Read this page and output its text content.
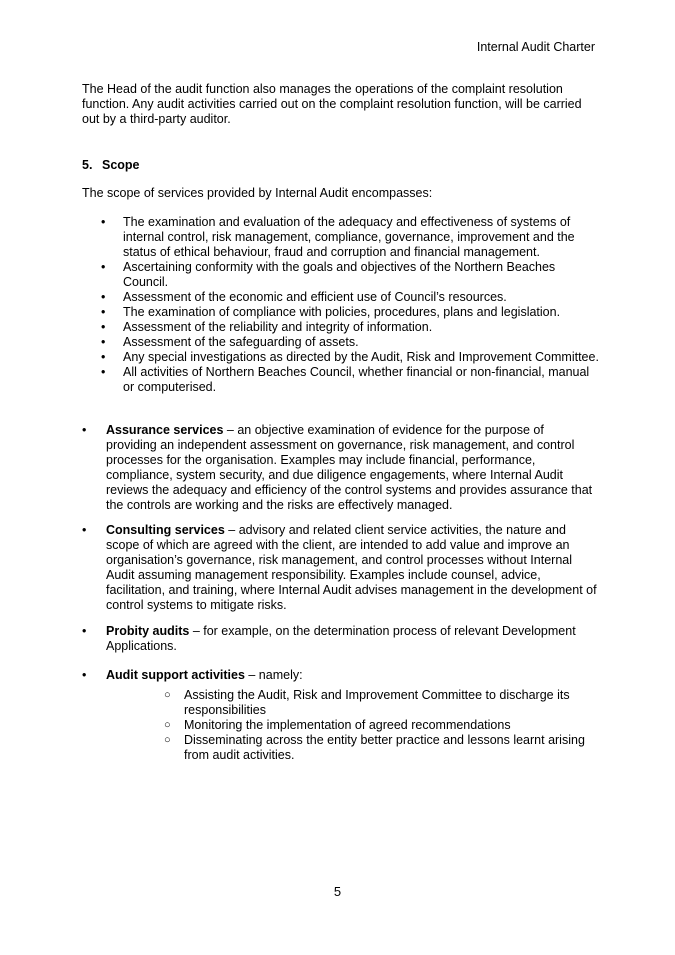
Internal Audit Charter

The Head of the audit function also manages the operations of the complaint resolution function. Any audit activities carried out on the complaint resolution function, will be carried out by a third-party auditor.

5. Scope
The scope of services provided by Internal Audit encompasses:
• The examination and evaluation of the adequacy and effectiveness of systems of internal control, risk management, compliance, governance, improvement and the status of ethical behaviour, fraud and corruption and financial management.
• Ascertaining conformity with the goals and objectives of the Northern Beaches Council.
• Assessment of the economic and efficient use of Council’s resources.
• The examination of compliance with policies, procedures, plans and legislation.
• Assessment of the reliability and integrity of information.
• Assessment of the safeguarding of assets.
• Any special investigations as directed by the Audit, Risk and Improvement Committee.
• All activities of Northern Beaches Council, whether financial or non-financial, manual or computerised.
• Assurance services – an objective examination of evidence for the purpose of providing an independent assessment on governance, risk management, and control processes for the organisation. Examples may include financial, performance, compliance, system security, and due diligence engagements, where Internal Audit reviews the adequacy and efficiency of the control systems and provides assurance that the controls are working and the risks are effectively managed.
• Consulting services – advisory and related client service activities, the nature and scope of which are agreed with the client, are intended to add value and improve an organisation’s governance, risk management, and control processes without Internal Audit assuming management responsibility. Examples include counsel, advice, facilitation, and training, where Internal Audit advises management in the development of control systems to mitigate risks.
• Probity audits – for example, on the determination process of relevant Development Applications.
• Audit support activities – namely:
○ Assisting the Audit, Risk and Improvement Committee to discharge its responsibilities
○ Monitoring the implementation of agreed recommendations
○ Disseminating across the entity better practice and lessons learnt arising from audit activities.
5
